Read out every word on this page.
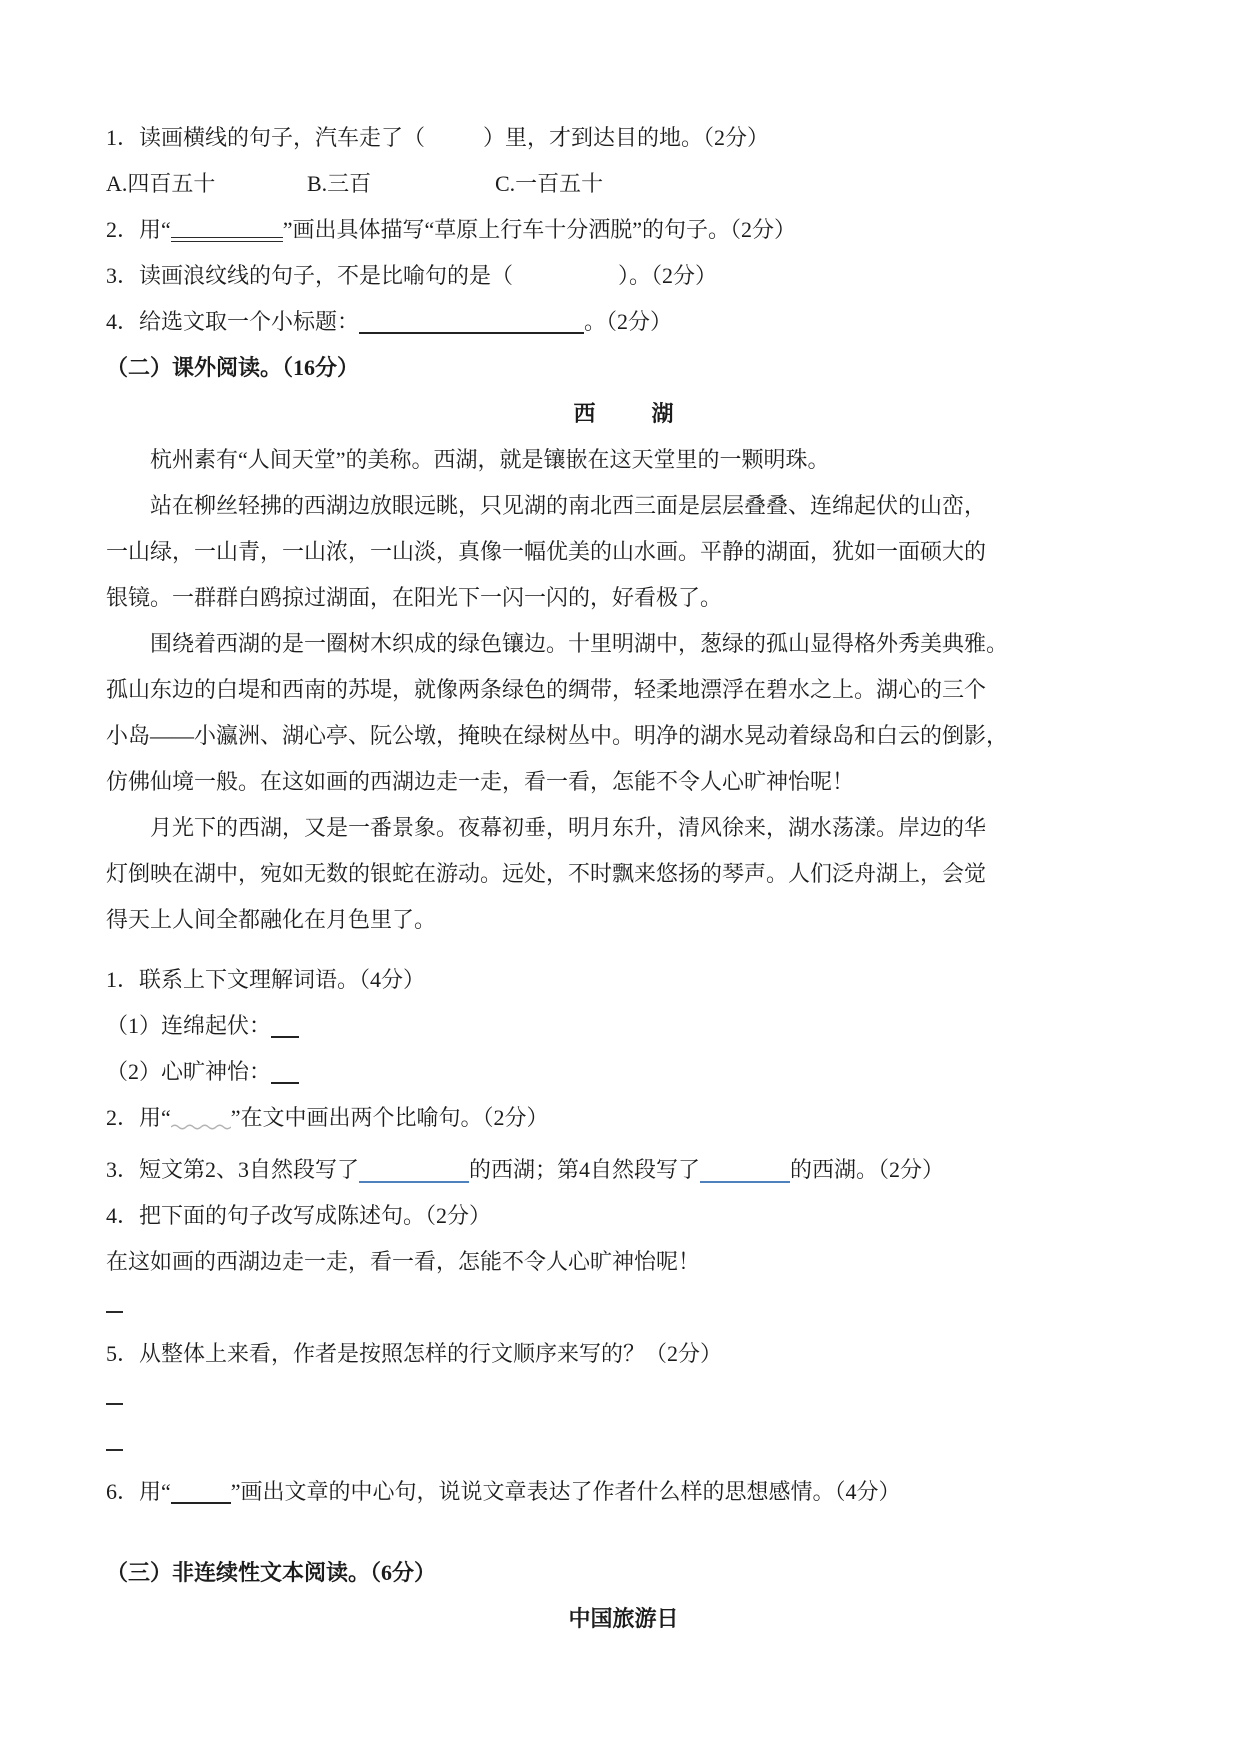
1．读画横线的句子，汽车走了（	）里，才到达目的地。（2分）
A.四百五十	B.三百	C.一百五十
2．用“	”画出具体描写“草原上行车十分洒脱”的句子。（2分）
3．读画浪纹线的句子，不是比喻句的是（	）。（2分）
4．给选文取一个小标题：	。（2分）
（二）课外阅读。（16分）
西湖
杭州素有“人间天堂”的美称。西湖，就是镶嵌在这天堂里的一颗明珠。
站在柳丝轻拂的西湖边放眼远眺，只见湖的南北西三面是层层叠叠、连绵起伏的山峦，
一山绿，一山青，一山浓，一山淡，真像一幅优美的山水画。平静的湖面，犹如一面硕大的
银镜。一群群白鸥掠过湖面，在阳光下一闪一闪的，好看极了。
围绕着西湖的是一圈树木织成的绿色镶边。十里明湖中，葱绿的孤山显得格外秀美典雅。
孤山东边的白堤和西南的苏堤，就像两条绿色的绸带，轻柔地漂浮在碧水之上。湖心的三个
小岛——小瀛洲、湖心亭、阮公墩，掩映在绿树丛中。明净的湖水晃动着绿岛和白云的倒影，
仿佛仙境一般。在这如画的西湖边走一走，看一看，怎能不令人心旷神怡呢！
月光下的西湖，又是一番景象。夜幕初垂，明月东升，清风徐来，湖水荡漾。岸边的华
灯倒映在湖中，宛如无数的银蛇在游动。远处，不时飘来悠扬的琴声。人们泛舟湖上，会觉
得天上人间全都融化在月色里了。
1．联系上下文理解词语。（4分）
（1）连绵起伏：
（2）心旷神怡：
2．用“	”在文中画出两个比喻句。（2分）
3．短文第2、3自然段写了	的西湖；第4自然段写了	的西湖。（2分）
4．把下面的句子改写成陈述句。（2分）
在这如画的西湖边走一走，看一看，怎能不令人心旷神怡呢！
5．从整体上来看，作者是按照怎样的行文顺序来写的？（2分）
6．用“	”画出文章的中心句，说说文章表达了作者什么样的思想感情。（4分）
（三）非连续性文本阅读。（6分）
中国旅游日
